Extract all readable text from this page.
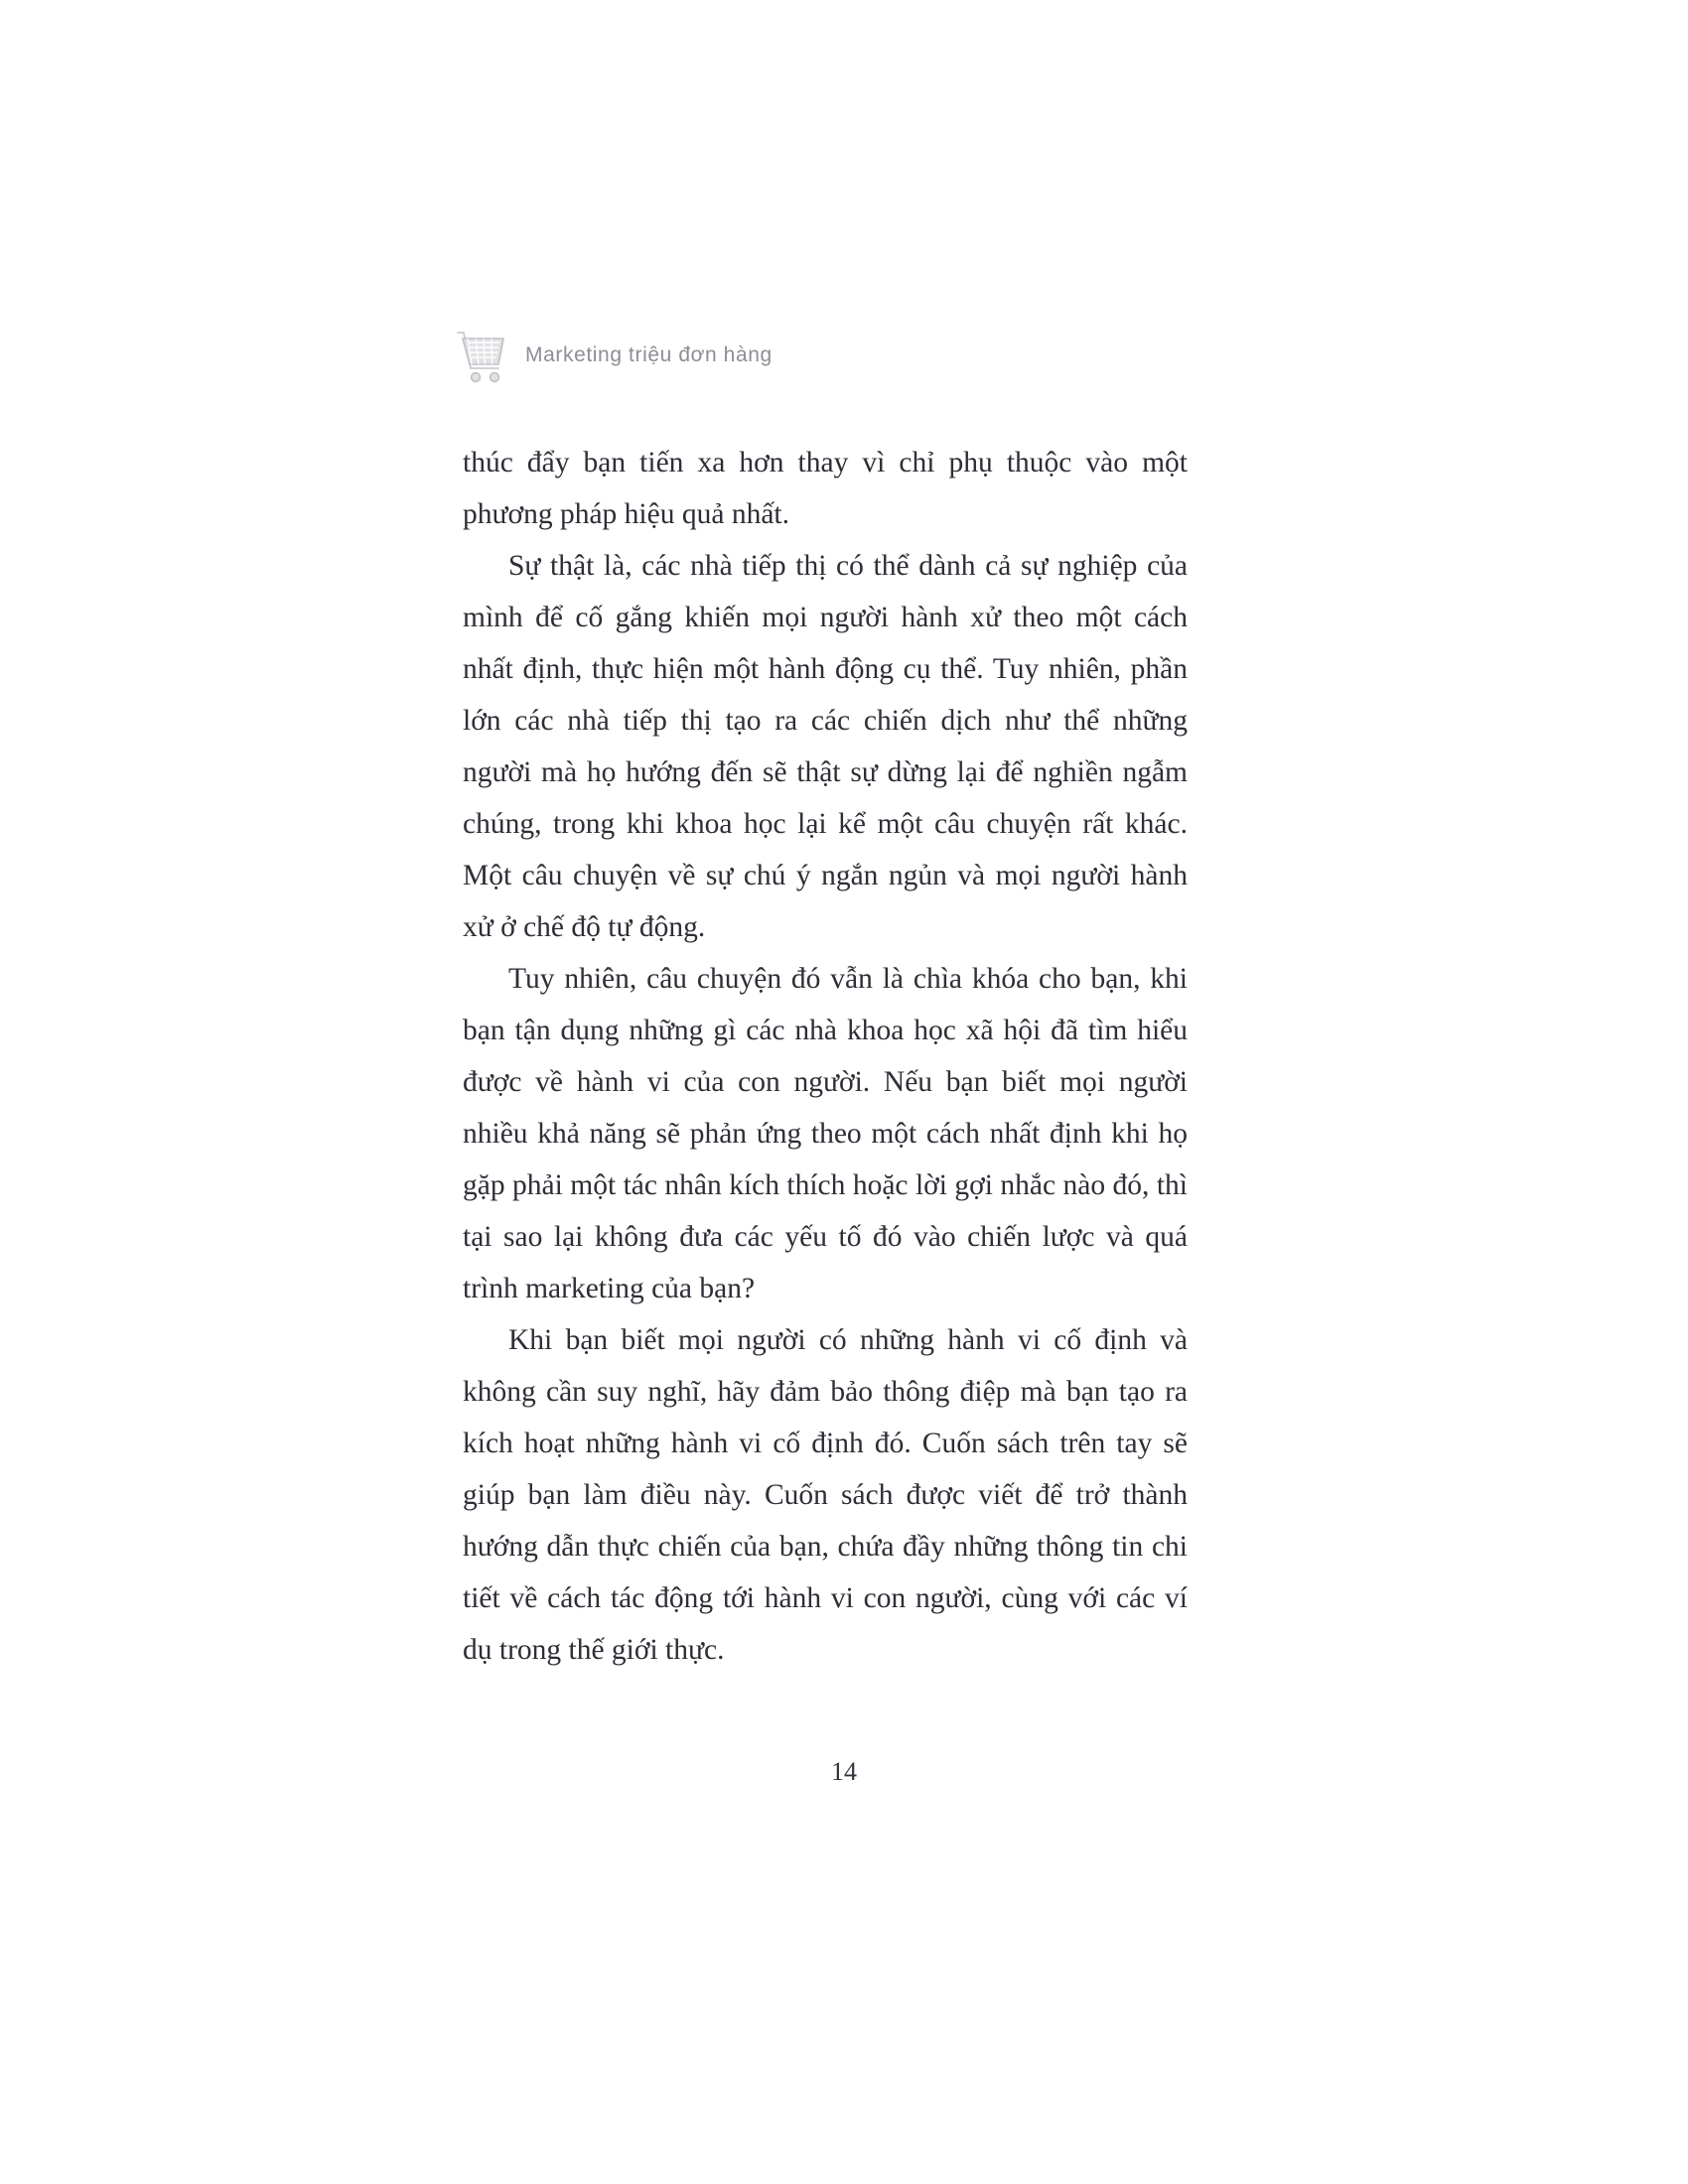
Marketing triệu đơn hàng

thúc đẩy bạn tiến xa hơn thay vì chỉ phụ thuộc vào một phương pháp hiệu quả nhất.

Sự thật là, các nhà tiếp thị có thể dành cả sự nghiệp của mình để cố gắng khiến mọi người hành xử theo một cách nhất định, thực hiện một hành động cụ thể. Tuy nhiên, phần lớn các nhà tiếp thị tạo ra các chiến dịch như thể những người mà họ hướng đến sẽ thật sự dừng lại để nghiền ngẫm chúng, trong khi khoa học lại kể một câu chuyện rất khác. Một câu chuyện về sự chú ý ngắn ngủn và mọi người hành xử ở chế độ tự động.

Tuy nhiên, câu chuyện đó vẫn là chìa khóa cho bạn, khi bạn tận dụng những gì các nhà khoa học xã hội đã tìm hiểu được về hành vi của con người. Nếu bạn biết mọi người nhiều khả năng sẽ phản ứng theo một cách nhất định khi họ gặp phải một tác nhân kích thích hoặc lời gợi nhắc nào đó, thì tại sao lại không đưa các yếu tố đó vào chiến lược và quá trình marketing của bạn?

Khi bạn biết mọi người có những hành vi cố định và không cần suy nghĩ, hãy đảm bảo thông điệp mà bạn tạo ra kích hoạt những hành vi cố định đó. Cuốn sách trên tay sẽ giúp bạn làm điều này. Cuốn sách được viết để trở thành hướng dẫn thực chiến của bạn, chứa đầy những thông tin chi tiết về cách tác động tới hành vi con người, cùng với các ví dụ trong thế giới thực.

14
